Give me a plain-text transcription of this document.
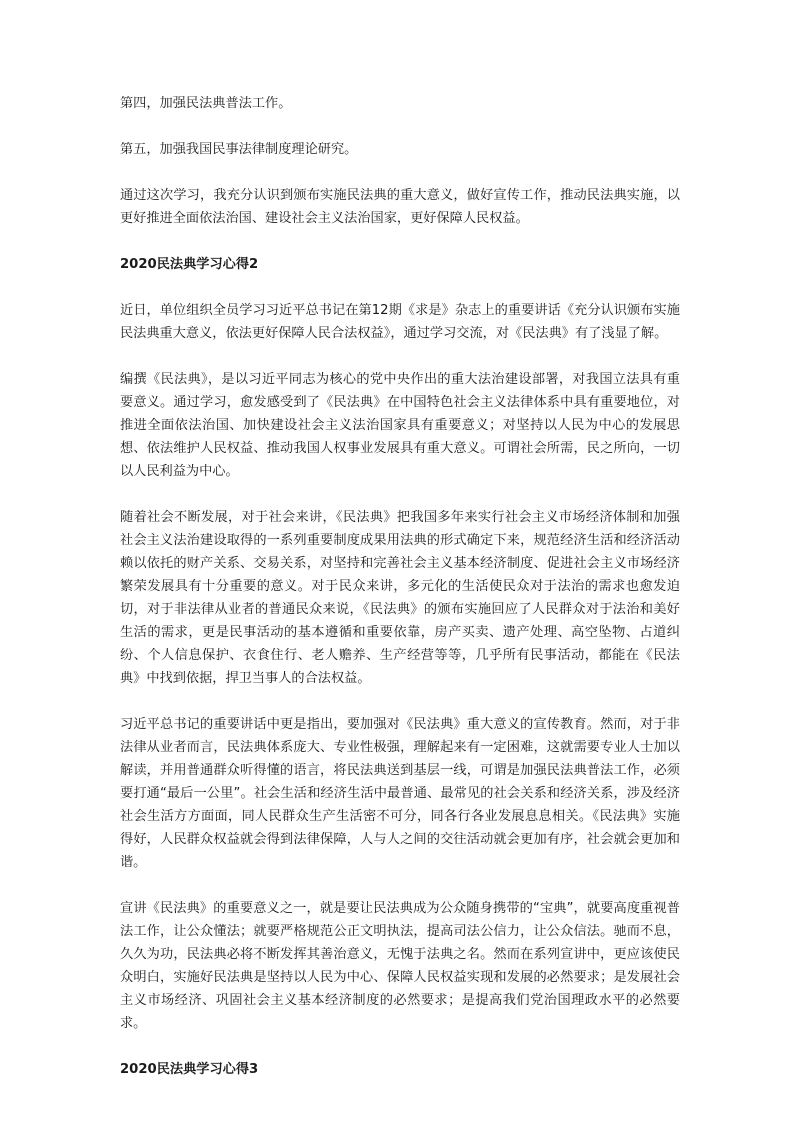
第四，加强民法典普法工作。

第五，加强我国民事法律制度理论研究。

通过这次学习，我充分认识到颁布实施民法典的重大意义，做好宣传工作，推动民法典实施，以更好推进全面依法治国、建设社会主义法治国家，更好保障人民权益。

2020民法典学习心得2

近日，单位组织全员学习习近平总书记在第12期《求是》杂志上的重要讲话《充分认识颁布实施民法典重大意义，依法更好保障人民合法权益》，通过学习交流，对《民法典》有了浅显了解。

编撰《民法典》，是以习近平同志为核心的党中央作出的重大法治建设部署，对我国立法具有重要意义。通过学习，愈发感受到了《民法典》在中国特色社会主义法律体系中具有重要地位，对推进全面依法治国、加快建设社会主义法治国家具有重要意义；对坚持以人民为中心的发展思想、依法维护人民权益、推动我国人权事业发展具有重大意义。可谓社会所需，民之所向，一切以人民利益为中心。

随着社会不断发展，对于社会来讲，《民法典》把我国多年来实行社会主义市场经济体制和加强社会主义法治建设取得的一系列重要制度成果用法典的形式确定下来，规范经济生活和经济活动赖以依托的财产关系、交易关系，对坚持和完善社会主义基本经济制度、促进社会主义市场经济繁荣发展具有十分重要的意义。对于民众来讲，多元化的生活使民众对于法治的需求也愈发迫切，对于非法律从业者的普通民众来说，《民法典》的颁布实施回应了人民群众对于法治和美好生活的需求，更是民事活动的基本遵循和重要依靠，房产买卖、遗产处理、高空坠物、占道纠纷、个人信息保护、衣食住行、老人赡养、生产经营等等，几乎所有民事活动，都能在《民法典》中找到依据，捍卫当事人的合法权益。

习近平总书记的重要讲话中更是指出，要加强对《民法典》重大意义的宣传教育。然而，对于非法律从业者而言，民法典体系庞大、专业性极强，理解起来有一定困难，这就需要专业人士加以解读，并用普通群众听得懂的语言，将民法典送到基层一线，可谓是加强民法典普法工作，必须要打通“最后一公里”。社会生活和经济生活中最普通、最常见的社会关系和经济关系，涉及经济社会生活方方面面，同人民群众生产生活密不可分，同各行各业发展息息相关。《民法典》实施得好，人民群众权益就会得到法律保障，人与人之间的交往活动就会更加有序，社会就会更加和谐。

宣讲《民法典》的重要意义之一，就是要让民法典成为公众随身携带的“宝典”，就要高度重视普法工作，让公众懂法；就要严格规范公正文明执法，提高司法公信力，让公众信法。驰而不息，久久为功，民法典必将不断发挥其善治意义，无愧于法典之名。然而在系列宣讲中，更应该使民众明白，实施好民法典是坚持以人民为中心、保障人民权益实现和发展的必然要求；是发展社会主义市场经济、巩固社会主义基本经济制度的必然要求；是提高我们党治国理政水平的必然要求。

2020民法典学习心得3
